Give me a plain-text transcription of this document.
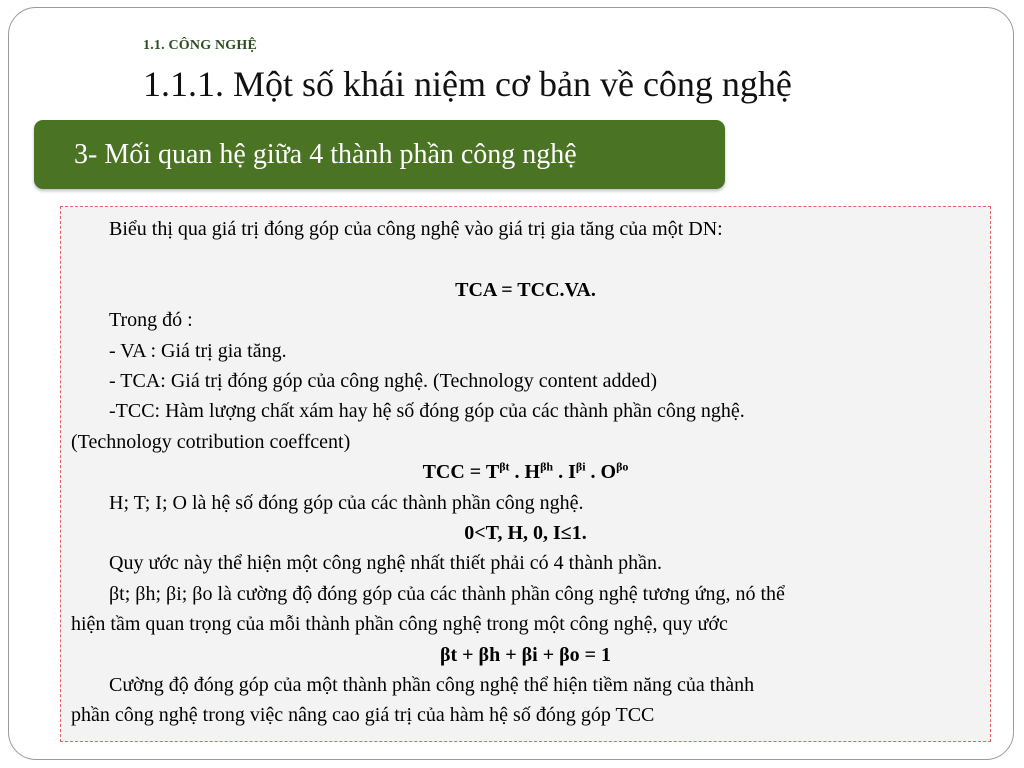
1.1. CÔNG NGHỆ
1.1.1. Một số khái niệm cơ bản về công nghệ
3- Mối quan hệ giữa 4 thành phần công nghệ

Biểu thị qua giá trị đóng góp của công nghệ vào giá trị gia tăng của một DN:

TCA = TCC.VA.

Trong đó :

- VA : Giá trị gia tăng.

- TCA: Giá trị đóng góp của công nghệ. (Technology content added)

-TCC: Hàm lượng chất xám hay hệ số đóng góp của các thành phần công nghệ.

(Technology cotribution coeffcent)

TCC = $T^{\beta t}$ . $H^{\beta h}$ . $I^{\beta i}$ . $O^{\beta o}$

H; T; I; O là hệ số đóng góp của các thành phần công nghệ.

0<T, H, 0, I≤1.

Quy ước này thể hiện một công nghệ nhất thiết phải có 4 thành phần.

βt; βh; βi; βo là cường độ đóng góp của các thành phần công nghệ tương ứng, nó thể

hiện tầm quan trọng của mỗi thành phần công nghệ trong một công nghệ, quy ước

βt + βh + βi + βo = 1

Cường độ đóng góp của một thành phần công nghệ thể hiện tiềm năng của thành

phần công nghệ trong việc nâng cao giá trị của hàm hệ số đóng góp TCC
